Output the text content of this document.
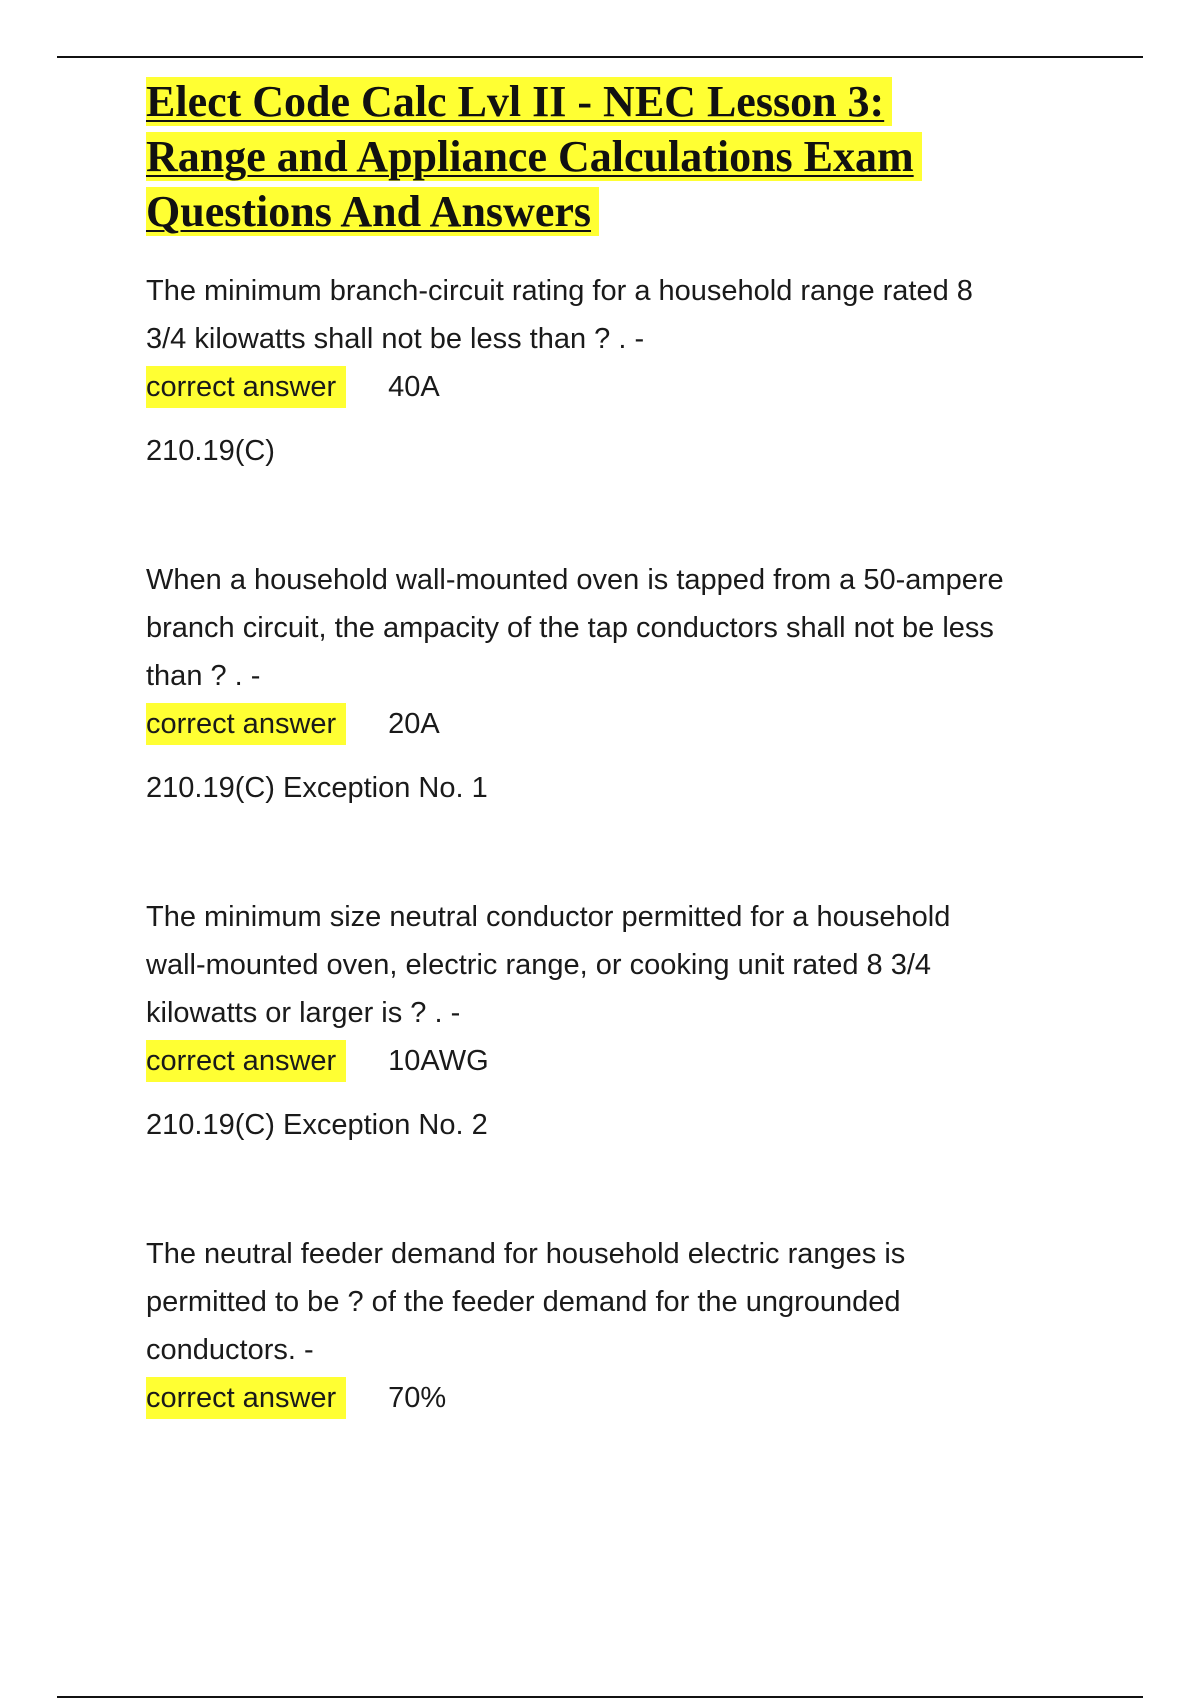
Elect Code Calc Lvl II - NEC Lesson 3:
Range and Appliance Calculations Exam
Questions And Answers

The minimum branch-circuit rating for a household range rated 8
3/4 kilowatts shall not be less than ? . -

correct answer	40A
210.19(C)

When a household wall-mounted oven is tapped from a 50-ampere
branch circuit, the ampacity of the tap conductors shall not be less
than ? . -

correct answer	20A
210.19(C) Exception No. 1

The minimum size neutral conductor permitted for a household
wall-mounted oven, electric range, or cooking unit rated 8 3/4
kilowatts or larger is ? . -

correct answer	10AWG
210.19(C) Exception No. 2

The neutral feeder demand for household electric ranges is
permitted to be ? of the feeder demand for the ungrounded
conductors. -

correct answer	70%
